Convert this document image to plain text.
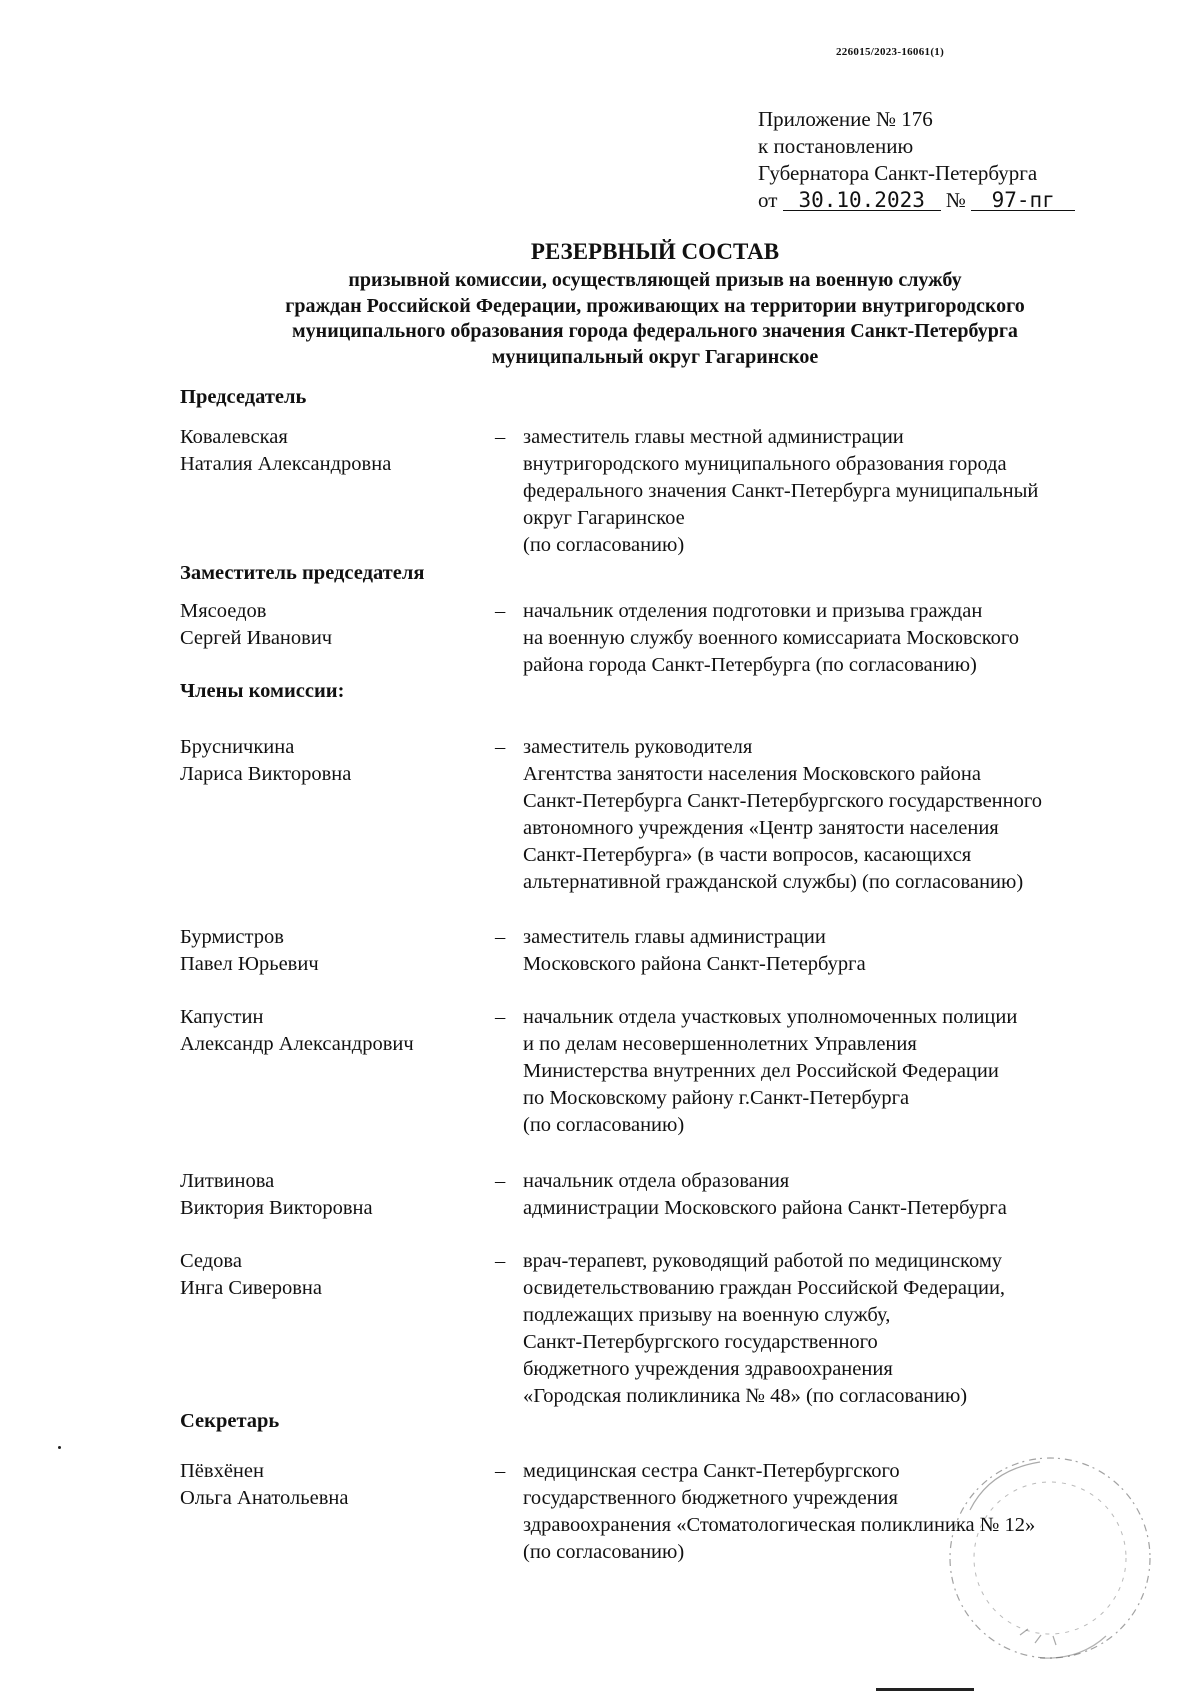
226015/2023-16061(1)
Приложение № 176
к постановлению
Губернатора Санкт-Петербурга
от 30.10.2023 № 97-пг
РЕЗЕРВНЫЙ СОСТАВ
призывной комиссии, осуществляющей призыв на военную службу
граждан Российской Федерации, проживающих на территории внутригородского
муниципального образования города федерального значения Санкт-Петербурга
муниципальный округ Гагаринское
Председатель
Ковалевская
Наталия Александровна
– заместитель главы местной администрации
внутригородского муниципального образования города
федерального значения Санкт-Петербурга муниципальный
округ Гагаринское
(по согласованию)
Заместитель председателя
Мясоедов
Сергей Иванович
– начальник отделения подготовки и призыва граждан
на военную службу военного комиссариата Московского
района города Санкт-Петербурга (по согласованию)
Члены комиссии:
Брусничкина
Лариса Викторовна
– заместитель руководителя
Агентства занятости населения Московского района
Санкт-Петербурга Санкт-Петербургского государственного
автономного учреждения «Центр занятости населения
Санкт-Петербурга» (в части вопросов, касающихся
альтернативной гражданской службы) (по согласованию)
Бурмистров
Павел Юрьевич
– заместитель главы администрации
Московского района Санкт-Петербурга
Капустин
Александр Александрович
– начальник отдела участковых уполномоченных полиции
и по делам несовершеннолетних Управления
Министерства внутренних дел Российской Федерации
по Московскому району г.Санкт-Петербурга
(по согласованию)
Литвинова
Виктория Викторовна
– начальник отдела образования
администрации Московского района Санкт-Петербурга
Седова
Инга Сиверовна
– врач-терапевт, руководящий работой по медицинскому
освидетельствованию граждан Российской Федерации,
подлежащих призыву на военную службу,
Санкт-Петербургского государственного
бюджетного учреждения здравоохранения
«Городская поликлиника № 48» (по согласованию)
Секретарь
Пёвхёнен
Ольга Анатольевна
– медицинская сестра Санкт-Петербургского
государственного бюджетного учреждения
здравоохранения «Стоматологическая поликлиника № 12»
(по согласованию)
